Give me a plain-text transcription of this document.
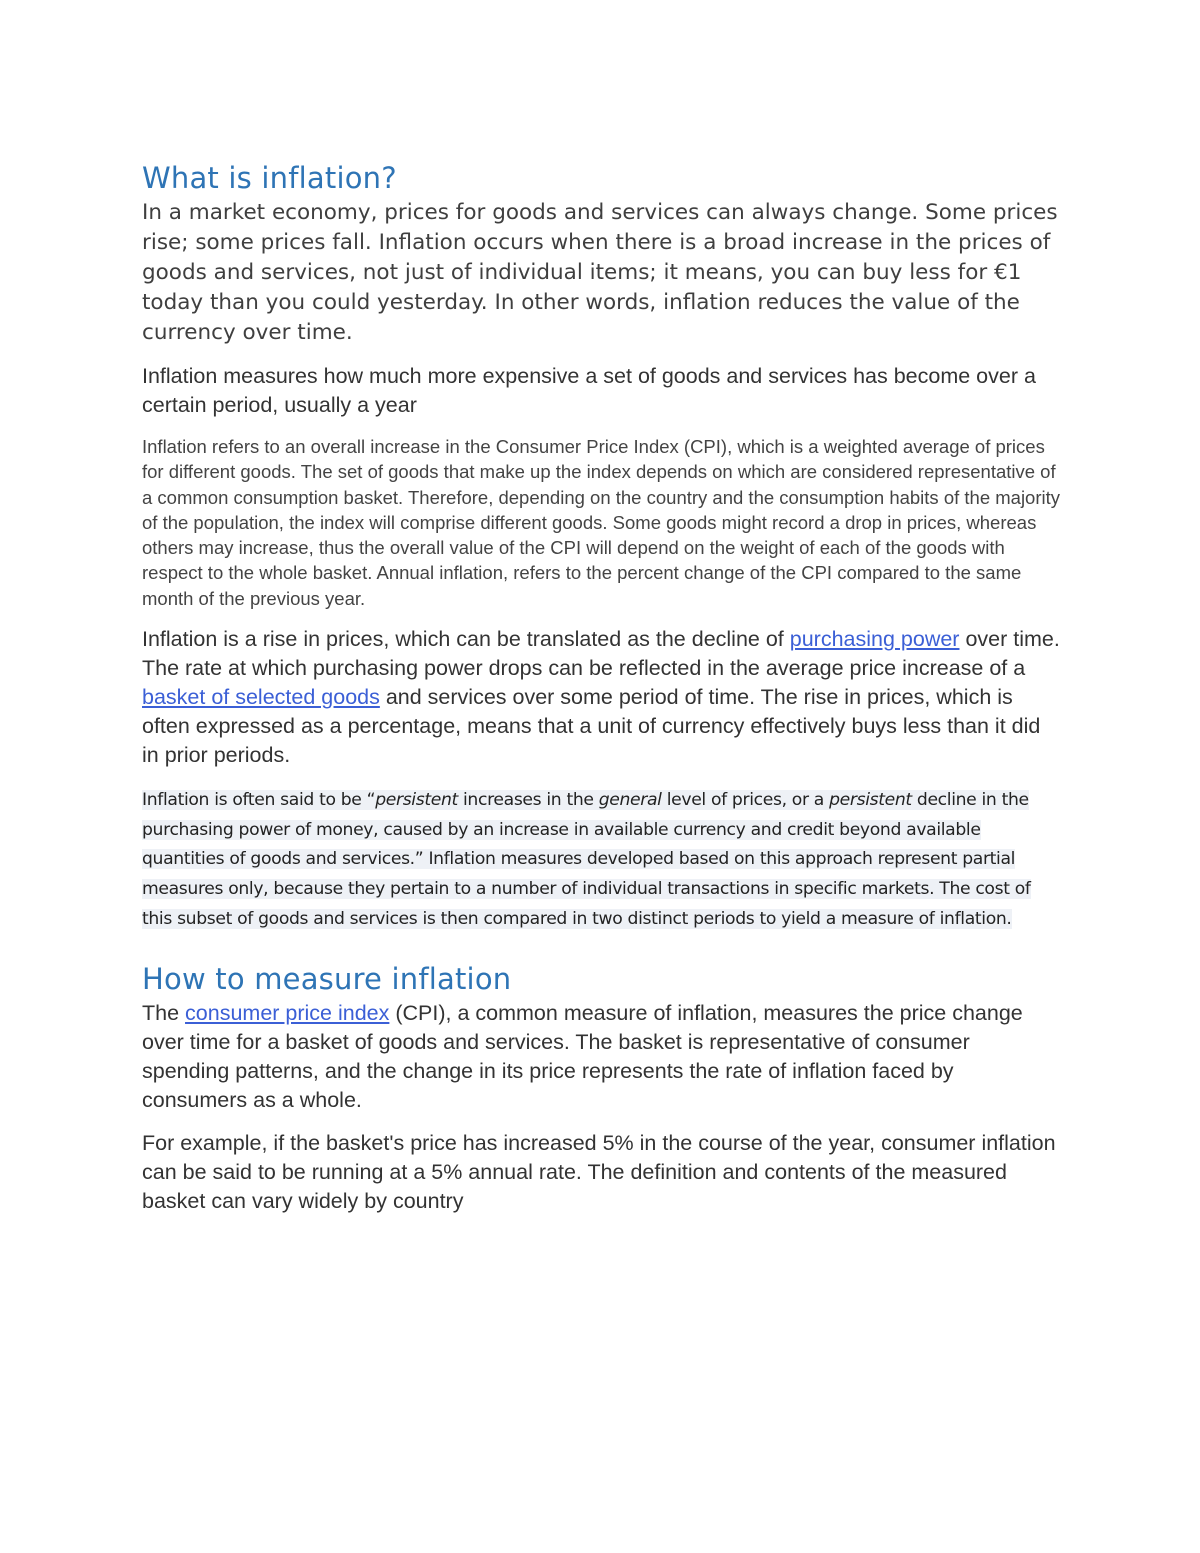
What is inflation?

In a market economy, prices for goods and services can always change. Some prices rise; some prices fall. Inflation occurs when there is a broad increase in the prices of goods and services, not just of individual items; it means, you can buy less for €1 today than you could yesterday. In other words, inflation reduces the value of the currency over time.

Inflation measures how much more expensive a set of goods and services has become over a certain period, usually a year

Inflation refers to an overall increase in the Consumer Price Index (CPI), which is a weighted average of prices for different goods. The set of goods that make up the index depends on which are considered representative of a common consumption basket. Therefore, depending on the country and the consumption habits of the majority of the population, the index will comprise different goods. Some goods might record a drop in prices, whereas others may increase, thus the overall value of the CPI will depend on the weight of each of the goods with respect to the whole basket. Annual inflation, refers to the percent change of the CPI compared to the same month of the previous year.

Inflation is a rise in prices, which can be translated as the decline of purchasing power over time. The rate at which purchasing power drops can be reflected in the average price increase of a basket of selected goods and services over some period of time. The rise in prices, which is often expressed as a percentage, means that a unit of currency effectively buys less than it did in prior periods.

Inflation is often said to be “persistent increases in the general level of prices, or a persistent decline in the purchasing power of money, caused by an increase in available currency and credit beyond available quantities of goods and services.” Inflation measures developed based on this approach represent partial measures only, because they pertain to a number of individual transactions in specific markets. The cost of this subset of goods and services is then compared in two distinct periods to yield a measure of inflation.

How to measure inflation

The consumer price index (CPI), a common measure of inflation, measures the price change over time for a basket of goods and services. The basket is representative of consumer spending patterns, and the change in its price represents the rate of inflation faced by consumers as a whole.

For example, if the basket's price has increased 5% in the course of the year, consumer inflation can be said to be running at a 5% annual rate. The definition and contents of the measured basket can vary widely by country
